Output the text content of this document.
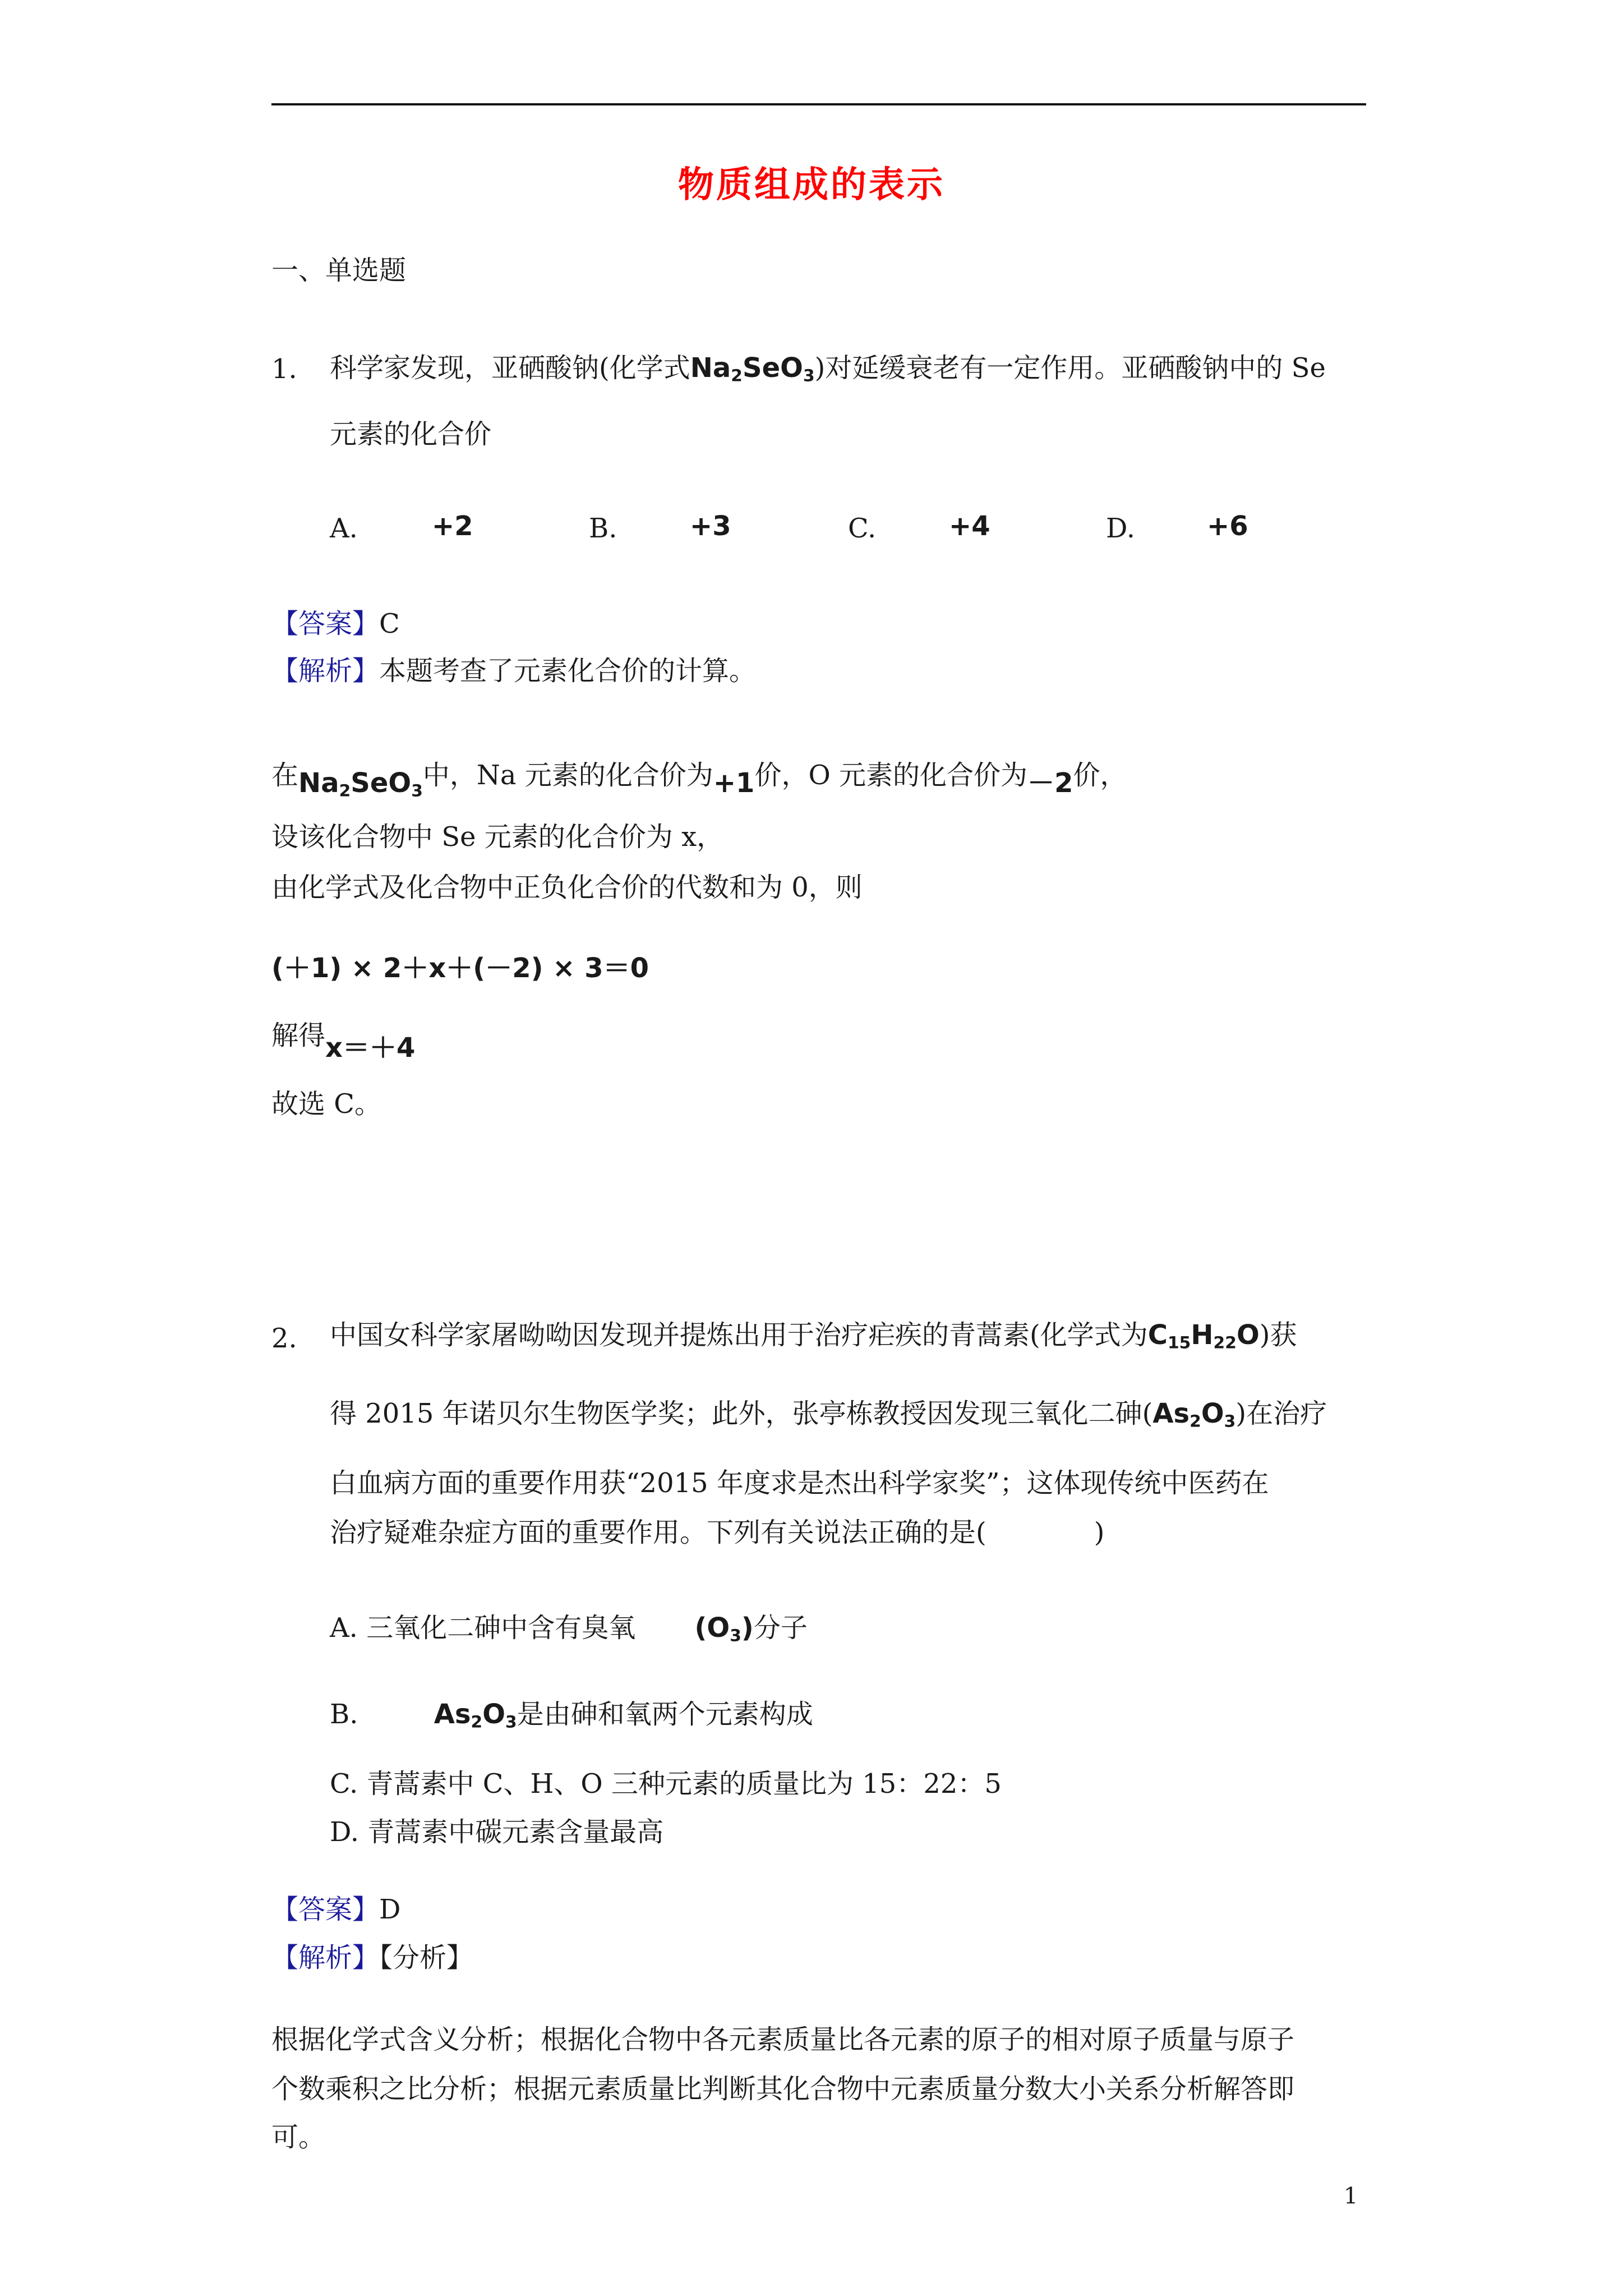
物质组成的表示
一、单选题
1. 科学家发现，亚硒酸钠(化学式$Na_2SeO_3$)对延缓衰老有一定作用。亚硒酸钠中的 Se
元素的化合价
A.	+2	B.	+3	C.	+4	D.	+6
【答案】C
【解析】本题考查了元素化合价的计算。
在$Na_2SeO_3$中，Na 元素的化合价为+1价，O 元素的化合价为－2价，
设该化合物中 Se 元素的化合价为 x，
由化学式及化合物中正负化合价的代数和为 0，则
(＋1) × 2＋x＋(－2) × 3＝0
解得x＝＋4
故选 C。
2. 中国女科学家屠呦呦因发现并提炼出用于治疗疟疾的青蒿素(化学式为$C_{15}H_{22}O$)获
得 2015 年诺贝尔生物医学奖；此外，张亭栋教授因发现三氧化二砷$(As_2O_3)$在治疗
白血病方面的重要作用获“2015 年度求是杰出科学家奖”；这体现传统中医药在
治疗疑难杂症方面的重要作用。下列有关说法正确的是(　　　　)
A. 三氧化二砷中含有臭氧 $(O_3)$分子
B.	$As_2O_3$是由砷和氧两个元素构成
C. 青蒿素中 C、H、O 三种元素的质量比为 15：22：5
D. 青蒿素中碳元素含量最高
【答案】D
【解析】【分析】
根据化学式含义分析；根据化合物中各元素质量比各元素的原子的相对原子质量与原子
个数乘积之比分析；根据元素质量比判断其化合物中元素质量分数大小关系分析解答即
可。
1
